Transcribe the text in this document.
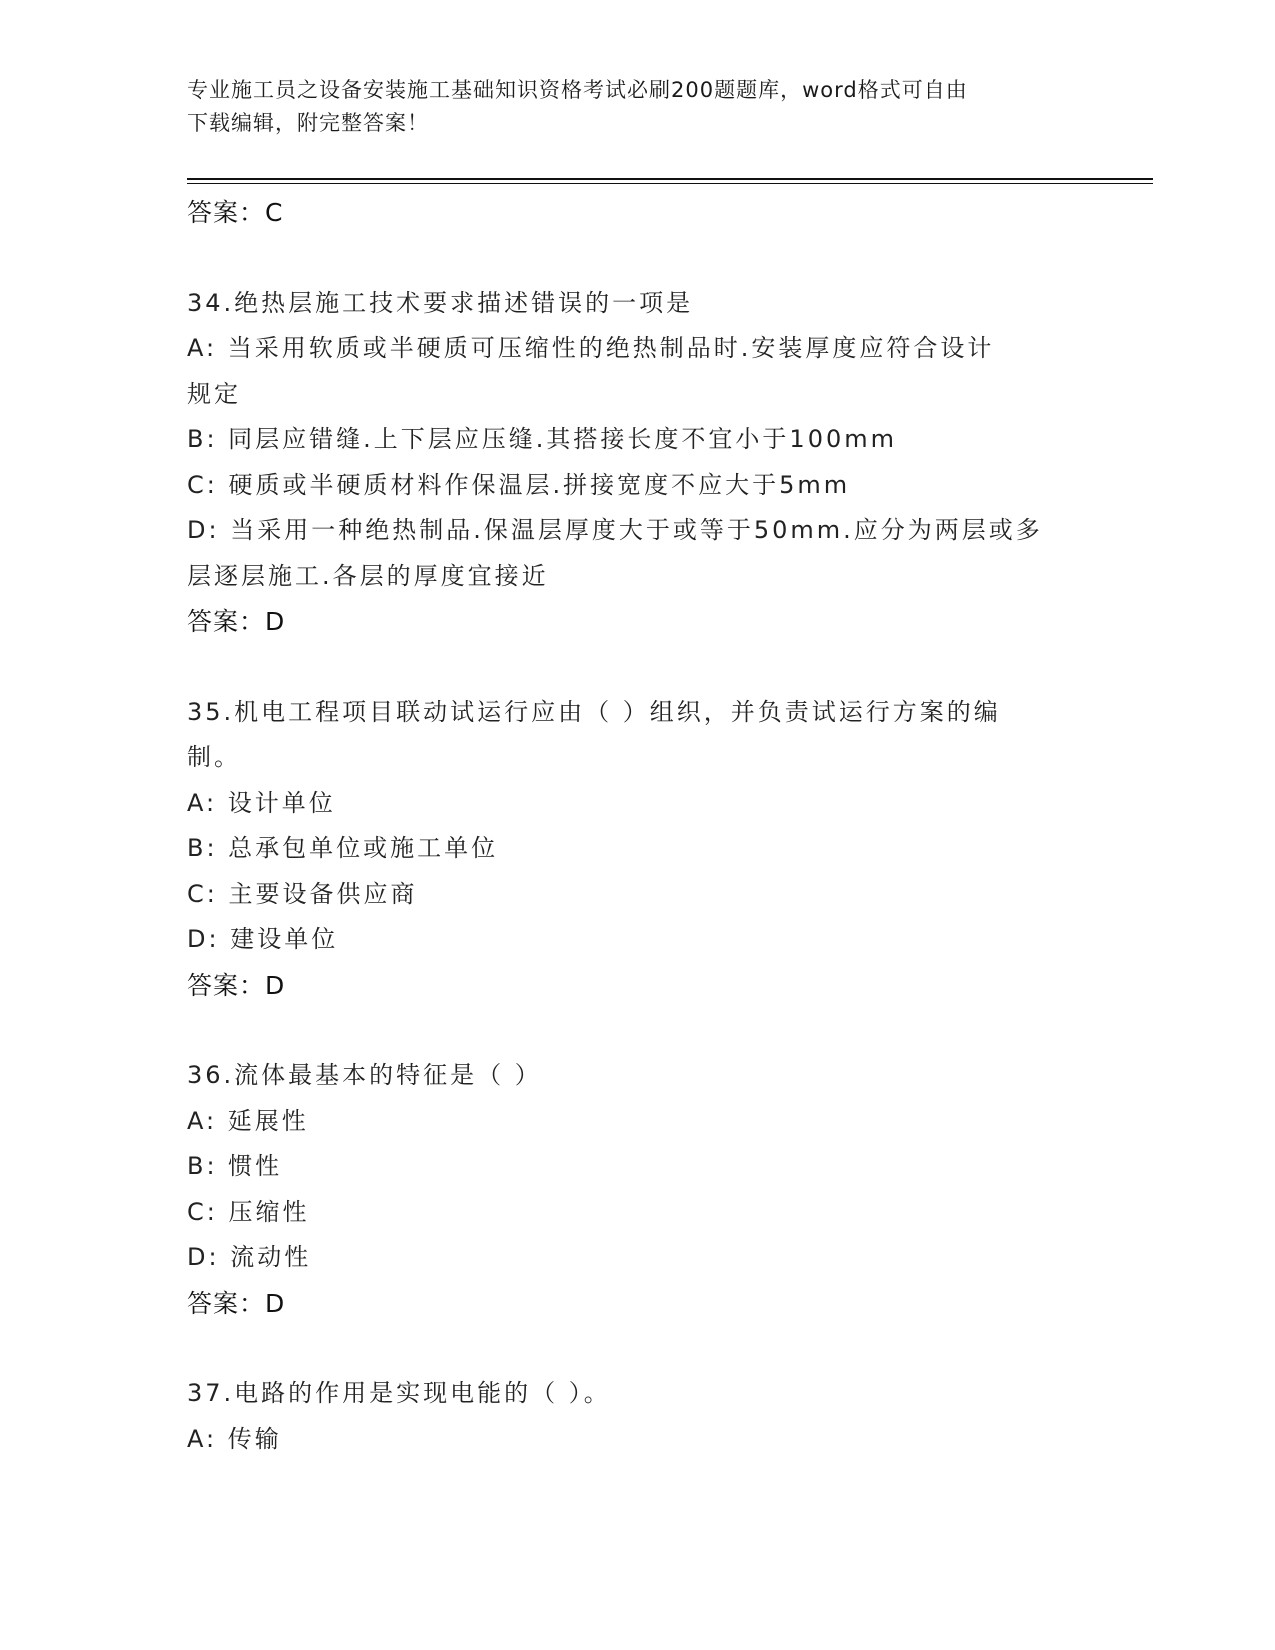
专业施工员之设备安装施工基础知识资格考试必刷200题题库，word格式可自由
下载编辑，附完整答案！
答案：C
34.绝热层施工技术要求描述错误的一项是
A: 当采用软质或半硬质可压缩性的绝热制品时.安装厚度应符合设计
规定
B: 同层应错缝.上下层应压缝.其搭接长度不宜小于100mm
C: 硬质或半硬质材料作保温层.拼接宽度不应大于5mm
D: 当采用一种绝热制品.保温层厚度大于或等于50mm.应分为两层或多
层逐层施工.各层的厚度宜接近
答案：D
35.机电工程项目联动试运行应由（ ）组织，并负责试运行方案的编
制。
A: 设计单位
B: 总承包单位或施工单位
C: 主要设备供应商
D: 建设单位
答案：D
36.流体最基本的特征是（ ）
A: 延展性
B: 惯性
C: 压缩性
D: 流动性
答案：D
37.电路的作用是实现电能的（ ）。
A: 传输
